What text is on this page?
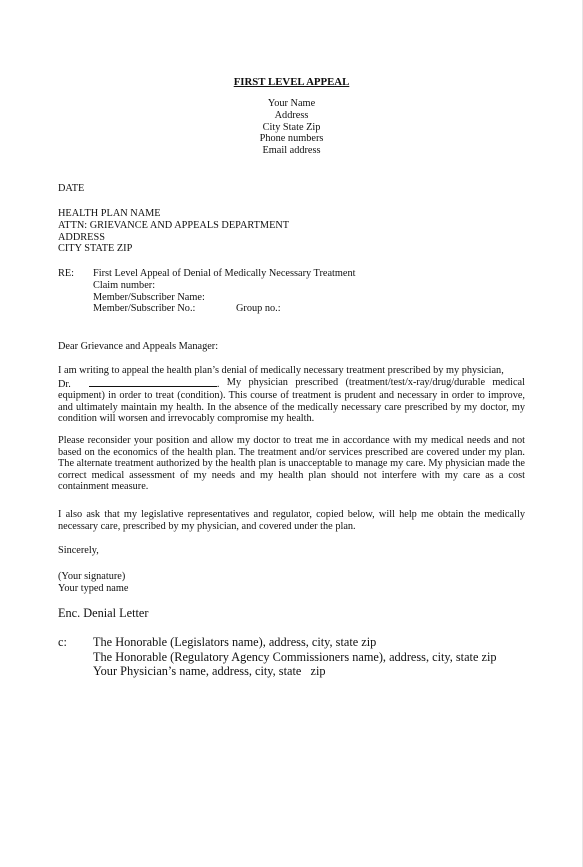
FIRST LEVEL APPEAL
Your Name
Address
City State Zip
Phone numbers
Email address
DATE
HEALTH PLAN NAME
ATTN: GRIEVANCE AND APPEALS DEPARTMENT
ADDRESS
CITY STATE ZIP
RE: First Level Appeal of Denial of Medically Necessary Treatment
Claim number:
Member/Subscriber Name:
Member/Subscriber No.:	Group no.:
Dear Grievance and Appeals Manager:
I am writing to appeal the health plan’s denial of medically necessary treatment prescribed by my physician,
Dr.	. My physician prescribed (treatment/test/x-ray/drug/durable medical
equipment) in order to treat (condition). This course of treatment is prudent and necessary in order to improve, and ultimately maintain my health. In the absence of the medically necessary care prescribed by my doctor, my condition will worsen and irrevocably compromise my health.
Please reconsider your position and allow my doctor to treat me in accordance with my medical needs and not based on the economics of the health plan. The treatment and/or services prescribed are covered under my plan. The alternate treatment authorized by the health plan is unacceptable to manage my care. My physician made the correct medical assessment of my needs and my health plan should not interfere with my care as a cost containment measure.
I also ask that my legislative representatives and regulator, copied below, will help me obtain the medically necessary care, prescribed by my physician, and covered under the plan.
Sincerely,
(Your signature)
Your typed name
Enc. Denial Letter
c: The Honorable (Legislators name), address, city, state zip
The Honorable (Regulatory Agency Commissioners name), address, city, state zip
Your Physician’s name, address, city, state   zip
